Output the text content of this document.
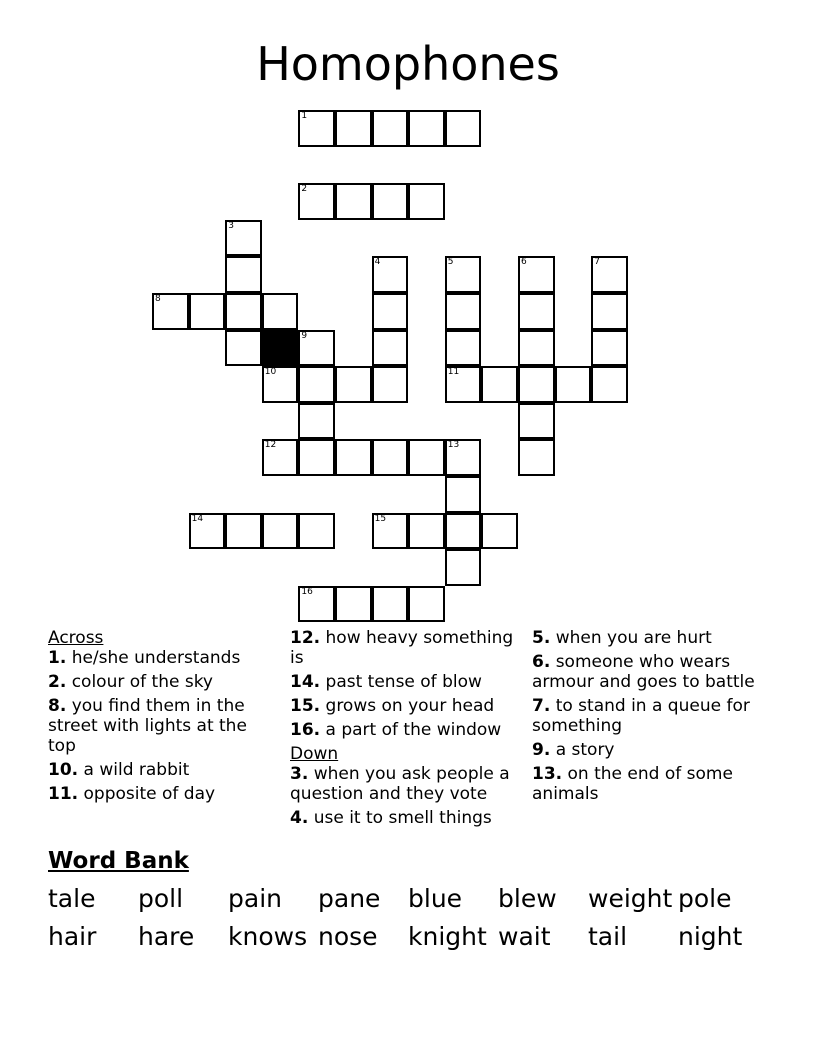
Homophones
1
2
3
4	5	6	7
8
9
10	11
12	13
14	15
16
Across
1. he/she understands
2. colour of the sky
8. you find them in the street with lights at the top
10. a wild rabbit
11. opposite of day
12. how heavy something is
14. past tense of blow
15. grows on your head
16. a part of the window
Down
3. when you ask people a question and they vote
4. use it to smell things
5. when you are hurt
6. someone who wears armour and goes to battle
7. to stand in a queue for something
9. a story
13. on the end of some animals
Word Bank
tale poll pain pane blue blew weight pole
hair hare knows nose knight wait tail night
